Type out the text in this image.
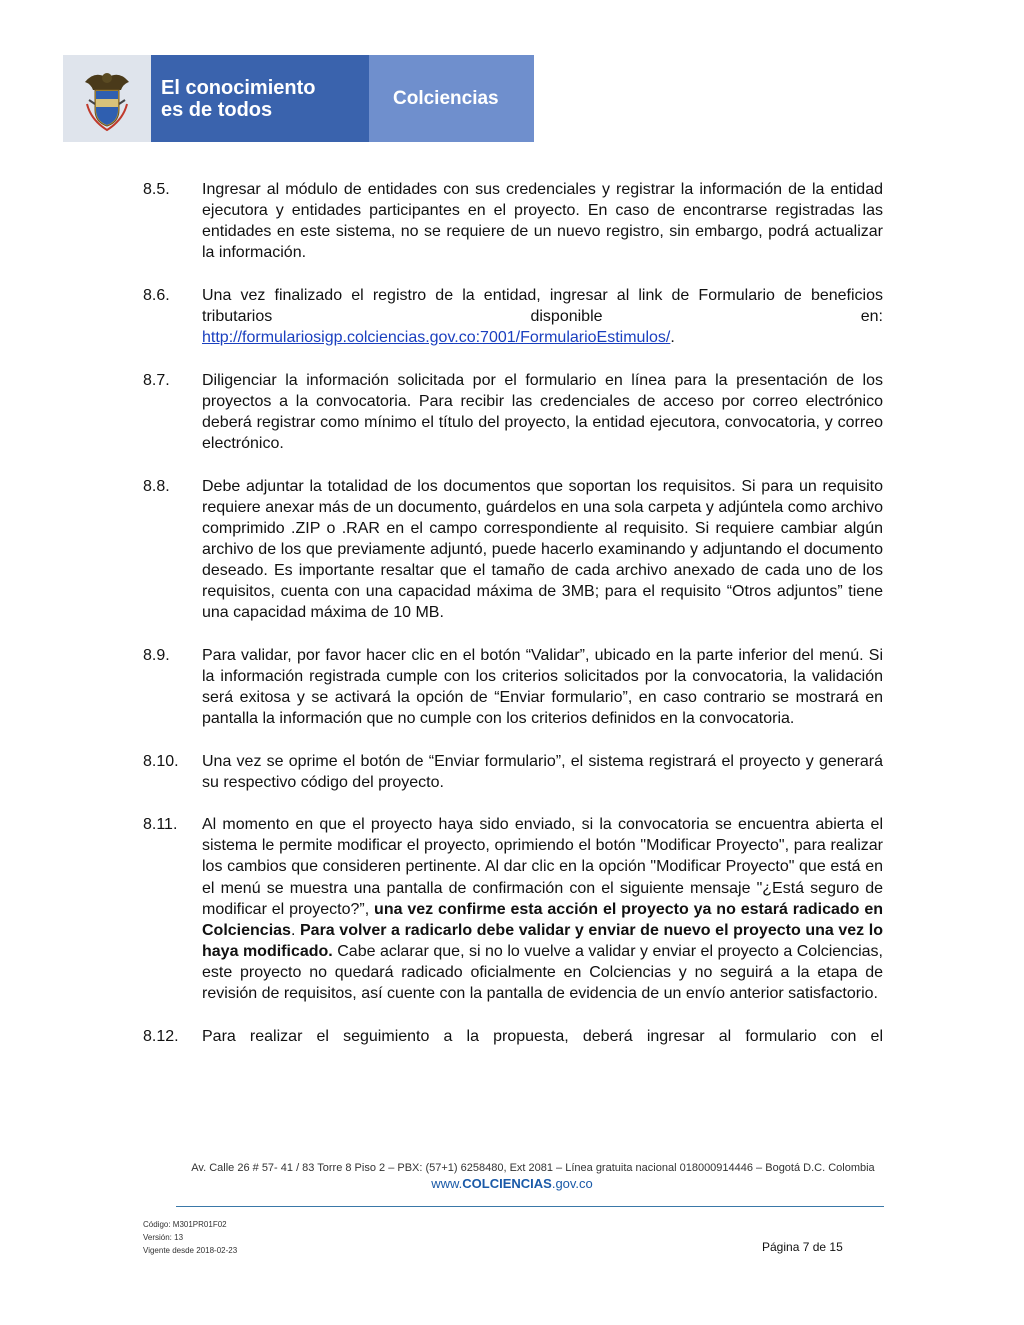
El conocimiento
es de todos
Colciencias
8.5. Ingresar al módulo de entidades con sus credenciales y registrar la información de la entidad ejecutora y entidades participantes en el proyecto. En caso de encontrarse registradas las entidades en este sistema, no se requiere de un nuevo registro, sin embargo, podrá actualizar la información.
8.6. Una vez finalizado el registro de la entidad, ingresar al link de Formulario de beneficios tributarios disponible en:
http://formulariosigp.colciencias.gov.co:7001/FormularioEstimulos/.
8.7. Diligenciar la información solicitada por el formulario en línea para la presentación de los proyectos a la convocatoria. Para recibir las credenciales de acceso por correo electrónico deberá registrar como mínimo el título del proyecto, la entidad ejecutora, convocatoria, y correo electrónico.
8.8. Debe adjuntar la totalidad de los documentos que soportan los requisitos. Si para un requisito requiere anexar más de un documento, guárdelos en una sola carpeta y adjúntela como archivo comprimido .ZIP o .RAR en el campo correspondiente al requisito. Si requiere cambiar algún archivo de los que previamente adjuntó, puede hacerlo examinando y adjuntando el documento deseado. Es importante resaltar que el tamaño de cada archivo anexado de cada uno de los requisitos, cuenta con una capacidad máxima de 3MB; para el requisito “Otros adjuntos” tiene una capacidad máxima de 10 MB.
8.9. Para validar, por favor hacer clic en el botón “Validar”, ubicado en la parte inferior del menú. Si la información registrada cumple con los criterios solicitados por la convocatoria, la validación será exitosa y se activará la opción de “Enviar formulario”, en caso contrario se mostrará en pantalla la información que no cumple con los criterios definidos en la convocatoria.
8.10. Una vez se oprime el botón de “Enviar formulario”, el sistema registrará el proyecto y generará su respectivo código del proyecto.
8.11. Al momento en que el proyecto haya sido enviado, si la convocatoria se encuentra abierta el sistema le permite modificar el proyecto, oprimiendo el botón "Modificar Proyecto", para realizar los cambios que consideren pertinente. Al dar clic en la opción "Modificar Proyecto" que está en el menú se muestra una pantalla de confirmación con el siguiente mensaje "¿Está seguro de modificar el proyecto?”, una vez confirme esta acción el proyecto ya no estará radicado en Colciencias. Para volver a radicarlo debe validar y enviar de nuevo el proyecto una vez lo haya modificado. Cabe aclarar que, si no lo vuelve a validar y enviar el proyecto a Colciencias, este proyecto no quedará radicado oficialmente en Colciencias y no seguirá a la etapa de revisión de requisitos, así cuente con la pantalla de evidencia de un envío anterior satisfactorio.
8.12. Para realizar el seguimiento a la propuesta, deberá ingresar al formulario con el
Av. Calle 26 # 57- 41 / 83 Torre 8 Piso 2 – PBX: (57+1) 6258480, Ext 2081 – Línea gratuita nacional 018000914446 – Bogotá D.C. Colombia
www.COLCIENCIAS.gov.co
Código: M301PR01F02
Versión: 13
Vigente desde 2018-02-23	Página 7 de 15
